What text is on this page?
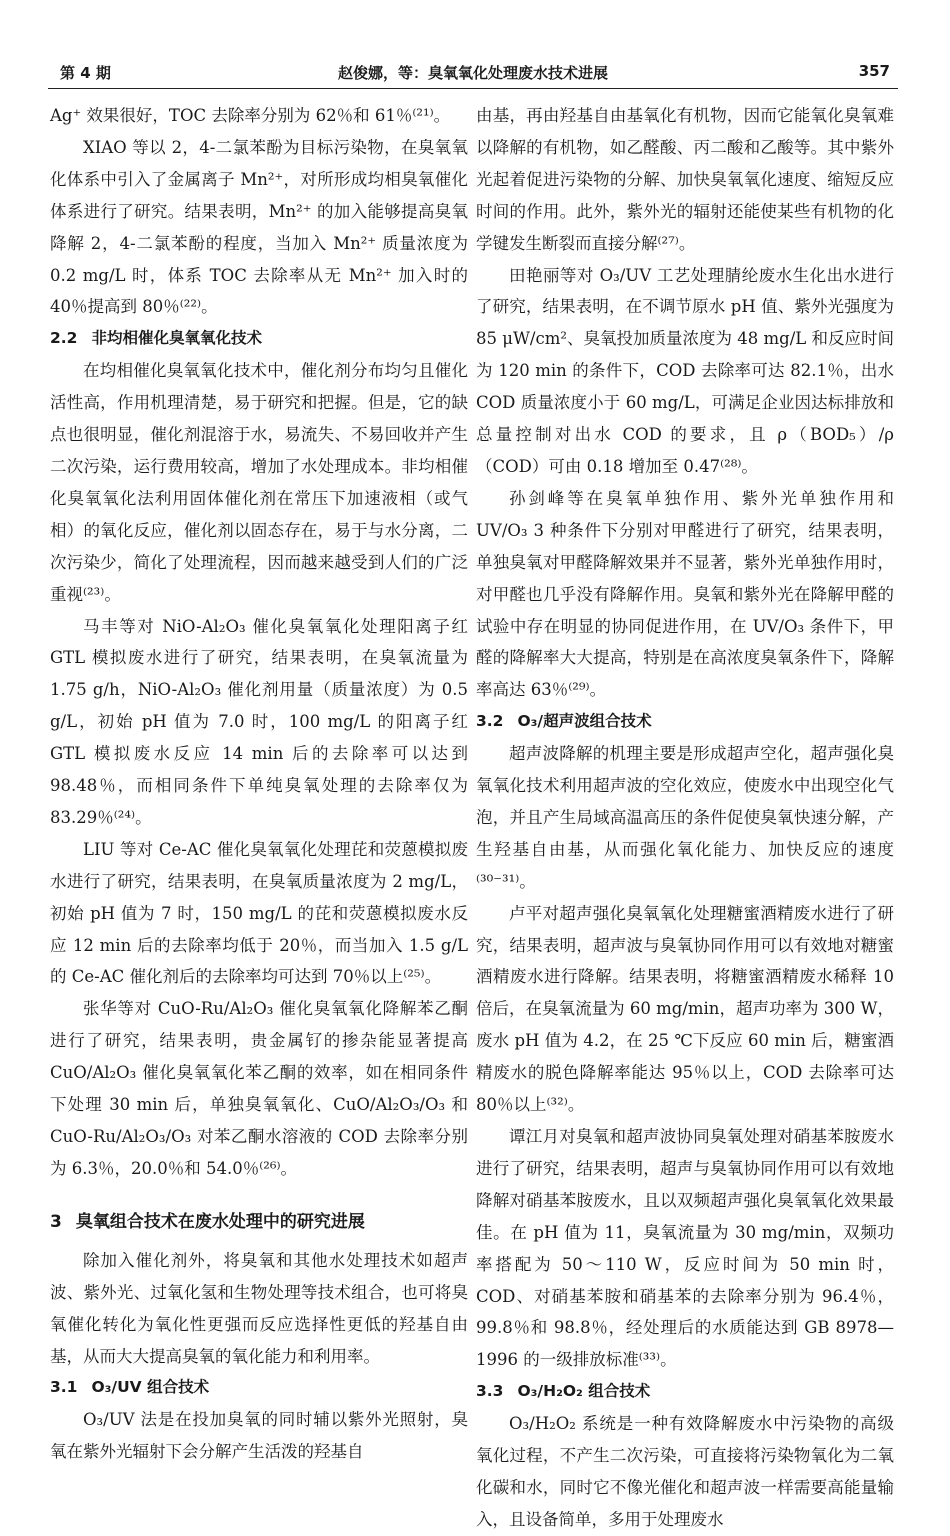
第 4 期	赵俊娜，等：臭氧氧化处理废水技术进展	357

Ag⁺ 效果很好，TOC 去除率分别为 62％和 61％⁽²¹⁾。

XIAO 等以 2，4-二氯苯酚为目标污染物，在臭氧氧化体系中引入了金属离子 Mn²⁺，对所形成均相臭氧催化体系进行了研究。结果表明，Mn²⁺ 的加入能够提高臭氧降解 2，4-二氯苯酚的程度，当加入 Mn²⁺ 质量浓度为 0.2 mg/L 时，体系 TOC 去除率从无 Mn²⁺ 加入时的 40％提高到 80％⁽²²⁾。

2.2 非均相催化臭氧氧化技术

在均相催化臭氧氧化技术中，催化剂分布均匀且催化活性高，作用机理清楚，易于研究和把握。但是，它的缺点也很明显，催化剂混溶于水，易流失、不易回收并产生二次污染，运行费用较高，增加了水处理成本。非均相催化臭氧氧化法利用固体催化剂在常压下加速液相（或气相）的氧化反应，催化剂以固态存在，易于与水分离，二次污染少，简化了处理流程，因而越来越受到人们的广泛重视⁽²³⁾。

马丰等对 NiO-Al₂O₃ 催化臭氧氧化处理阳离子红 GTL 模拟废水进行了研究，结果表明，在臭氧流量为 1.75 g/h，NiO-Al₂O₃ 催化剂用量（质量浓度）为 0.5 g/L，初始 pH 值为 7.0 时，100 mg/L 的阳离子红 GTL 模拟废水反应 14 min 后的去除率可以达到98.48％，而相同条件下单纯臭氧处理的去除率仅为 83.29％⁽²⁴⁾。

LIU 等对 Ce-AC 催化臭氧氧化处理芘和荧蒽模拟废水进行了研究，结果表明，在臭氧质量浓度为 2 mg/L，初始 pH 值为 7 时，150 mg/L 的芘和荧蒽模拟废水反应 12 min 后的去除率均低于 20％，而当加入 1.5 g/L 的 Ce-AC 催化剂后的去除率均可达到 70％以上⁽²⁵⁾。

张华等对 CuO-Ru/Al₂O₃ 催化臭氧氧化降解苯乙酮进行了研究，结果表明，贵金属钌的掺杂能显著提高 CuO/Al₂O₃ 催化臭氧氧化苯乙酮的效率，如在相同条件下处理 30 min 后，单独臭氧氧化、CuO/Al₂O₃/O₃ 和 CuO-Ru/Al₂O₃/O₃ 对苯乙酮水溶液的 COD 去除率分别为 6.3％，20.0％和 54.0％⁽²⁶⁾。

3 臭氧组合技术在废水处理中的研究进展

除加入催化剂外，将臭氧和其他水处理技术如超声波、紫外光、过氧化氢和生物处理等技术组合，也可将臭氧催化转化为氧化性更强而反应选择性更低的羟基自由基，从而大大提高臭氧的氧化能力和利用率。

3.1 O₃/UV 组合技术

O₃/UV 法是在投加臭氧的同时辅以紫外光照射，臭氧在紫外光辐射下会分解产生活泼的羟基自

由基，再由羟基自由基氧化有机物，因而它能氧化臭氧难以降解的有机物，如乙醛酸、丙二酸和乙酸等。其中紫外光起着促进污染物的分解、加快臭氧氧化速度、缩短反应时间的作用。此外，紫外光的辐射还能使某些有机物的化学键发生断裂而直接分解⁽²⁷⁾。

田艳丽等对 O₃/UV 工艺处理腈纶废水生化出水进行了研究，结果表明，在不调节原水 pH 值、紫外光强度为 85 μW/cm²、臭氧投加质量浓度为 48 mg/L 和反应时间为 120 min 的条件下，COD 去除率可达 82.1％，出水 COD 质量浓度小于 60 mg/L，可满足企业因达标排放和总量控制对出水 COD 的要求，且 ρ（BOD₅）/ρ（COD）可由 0.18 增加至 0.47⁽²⁸⁾。

孙剑峰等在臭氧单独作用、紫外光单独作用和 UV/O₃ 3 种条件下分别对甲醛进行了研究，结果表明，单独臭氧对甲醛降解效果并不显著，紫外光单独作用时，对甲醛也几乎没有降解作用。臭氧和紫外光在降解甲醛的试验中存在明显的协同促进作用，在 UV/O₃ 条件下，甲醛的降解率大大提高，特别是在高浓度臭氧条件下，降解率高达 63％⁽²⁹⁾。

3.2 O₃/超声波组合技术

超声波降解的机理主要是形成超声空化，超声强化臭氧氧化技术利用超声波的空化效应，使废水中出现空化气泡，并且产生局域高温高压的条件促使臭氧快速分解，产生羟基自由基，从而强化氧化能力、加快反应的速度⁽³⁰⁻³¹⁾。

卢平对超声强化臭氧氧化处理糖蜜酒精废水进行了研究，结果表明，超声波与臭氧协同作用可以有效地对糖蜜酒精废水进行降解。结果表明，将糖蜜酒精废水稀释 10 倍后，在臭氧流量为 60 mg/min，超声功率为 300 W，废水 pH 值为 4.2，在 25 ℃下反应 60 min 后，糖蜜酒精废水的脱色降解率能达 95％以上，COD 去除率可达 80％以上⁽³²⁾。

谭江月对臭氧和超声波协同臭氧处理对硝基苯胺废水进行了研究，结果表明，超声与臭氧协同作用可以有效地降解对硝基苯胺废水，且以双频超声强化臭氧氧化效果最佳。在 pH 值为 11，臭氧流量为 30 mg/min，双频功率搭配为 50～110 W，反应时间为 50 min 时，COD、对硝基苯胺和硝基苯的去除率分别为 96.4％，99.8％和 98.8％，经处理后的水质能达到 GB 8978—1996 的一级排放标准⁽³³⁾。

3.3 O₃/H₂O₂ 组合技术

O₃/H₂O₂ 系统是一种有效降解废水中污染物的高级氧化过程，不产生二次污染，可直接将污染物氧化为二氧化碳和水，同时它不像光催化和超声波一样需要高能量输入，且设备简单，多用于处理废水
